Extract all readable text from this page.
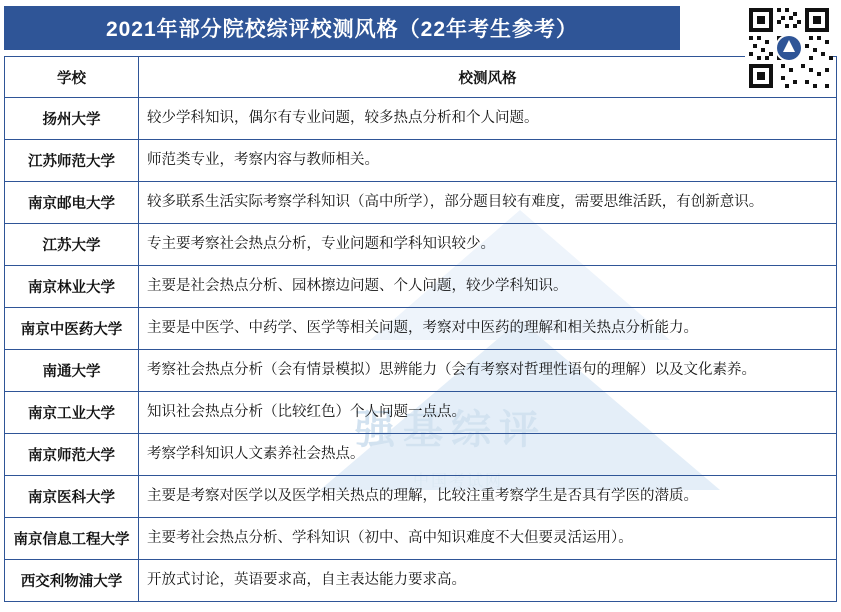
强基综评
中国考试网
2021年部分院校综评校测风格（22年考生参考）
学校	校测风格
扬州大学	较少学科知识，偶尔有专业问题，较多热点分析和个人问题。
江苏师范大学	师范类专业，考察内容与教师相关。
南京邮电大学	较多联系生活实际考察学科知识（高中所学），部分题目较有难度，需要思维活跃，有创新意识。
江苏大学	专主要考察社会热点分析，专业问题和学科知识较少。
南京林业大学	主要是社会热点分析、园林擦边问题、个人问题，较少学科知识。
南京中医药大学	主要是中医学、中药学、医学等相关问题，考察对中医药的理解和相关热点分析能力。
南通大学	考察社会热点分析（会有情景模拟）思辨能力（会有考察对哲理性语句的理解）以及文化素养。
南京工业大学	知识社会热点分析（比较红色）个人问题一点点。
南京师范大学	考察学科知识人文素养社会热点。
南京医科大学	主要是考察对医学以及医学相关热点的理解，比较注重考察学生是否具有学医的潜质。
南京信息工程大学	主要考社会热点分析、学科知识（初中、高中知识难度不大但要灵活运用）。
西交利物浦大学	开放式讨论，英语要求高，自主表达能力要求高。
